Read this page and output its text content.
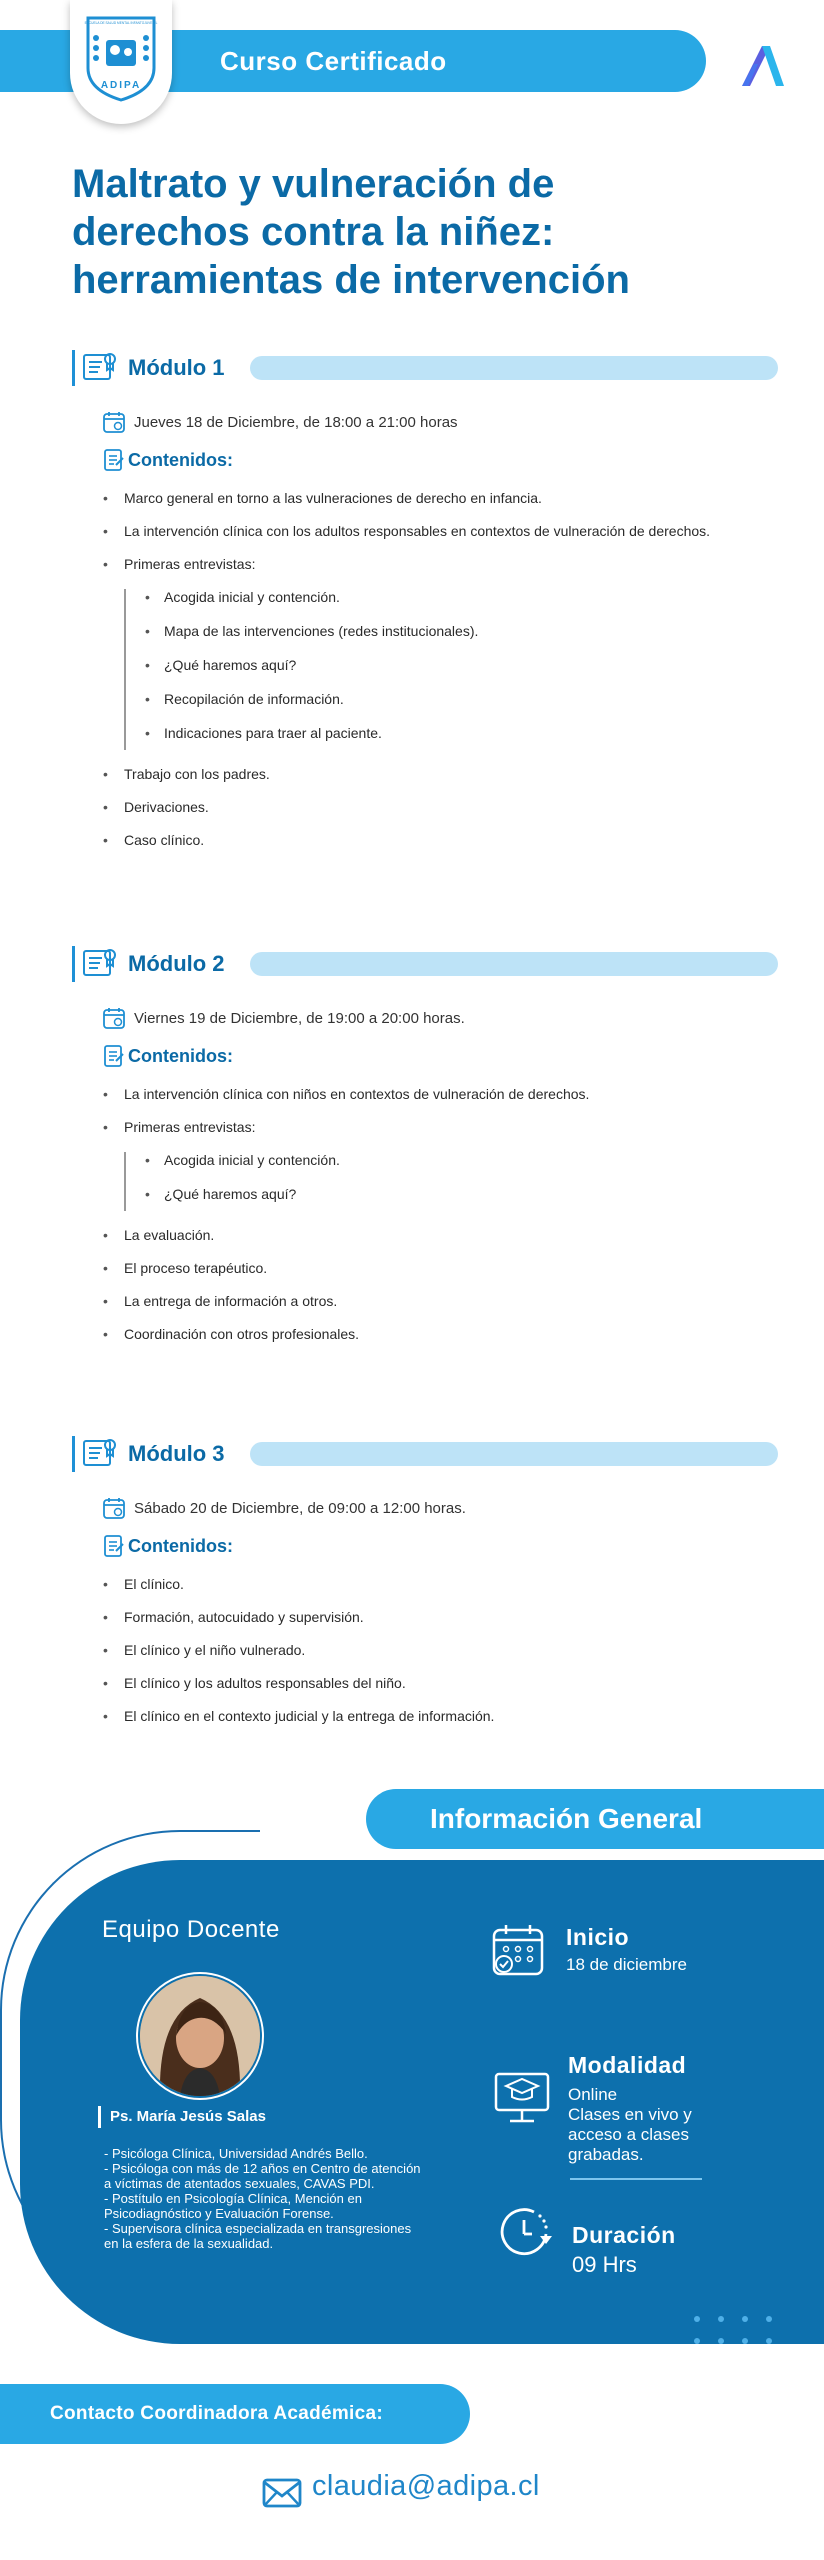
Curso Certificado
ESCUELA DE SALUD MENTAL INFANTOJUVENIL
ADIPA
Maltrato y vulneración de derechos contra la niñez: herramientas de intervención
Módulo 1
Jueves 18 de Diciembre, de 18:00 a 21:00 horas
Contenidos:
• Marco general en torno a las vulneraciones de derecho en infancia.
• La intervención clínica con los adultos responsables en contextos de vulneración de derechos.
• Primeras entrevistas:
• Acogida inicial y contención.
• Mapa de las intervenciones (redes institucionales).
• ¿Qué haremos aquí?
• Recopilación de información.
• Indicaciones para traer al paciente.
• Trabajo con los padres.
• Derivaciones.
• Caso clínico.
Módulo 2
Viernes 19 de Diciembre, de 19:00 a 20:00 horas.
Contenidos:
• La intervención clínica con niños en contextos de vulneración de derechos.
• Primeras entrevistas:
• Acogida inicial y contención.
• ¿Qué haremos aquí?
• La evaluación.
• El proceso terapéutico.
• La entrega de información a otros.
• Coordinación con otros profesionales.
Módulo 3
Sábado 20 de Diciembre, de 09:00 a 12:00 horas.
Contenidos:
• El clínico.
• Formación, autocuidado y supervisión.
• El clínico y el niño vulnerado.
• El clínico y los adultos responsables del niño.
• El clínico en el contexto judicial y la entrega de información.
Información General
Equipo Docente
Ps. María Jesús Salas
- Psicóloga Clínica, Universidad Andrés Bello.
- Psicóloga con más de 12 años en Centro de atención a víctimas de atentados sexuales, CAVAS PDI.
- Postítulo en Psicología Clínica, Mención en Psicodiagnóstico y Evaluación Forense.
- Supervisora clínica especializada en transgresiones en la esfera de la sexualidad.
Inicio
18 de diciembre
Modalidad
Online
Clases en vivo y acceso a clases grabadas.
Duración
09 Hrs
Contacto Coordinadora Académica:
claudia@adipa.cl
